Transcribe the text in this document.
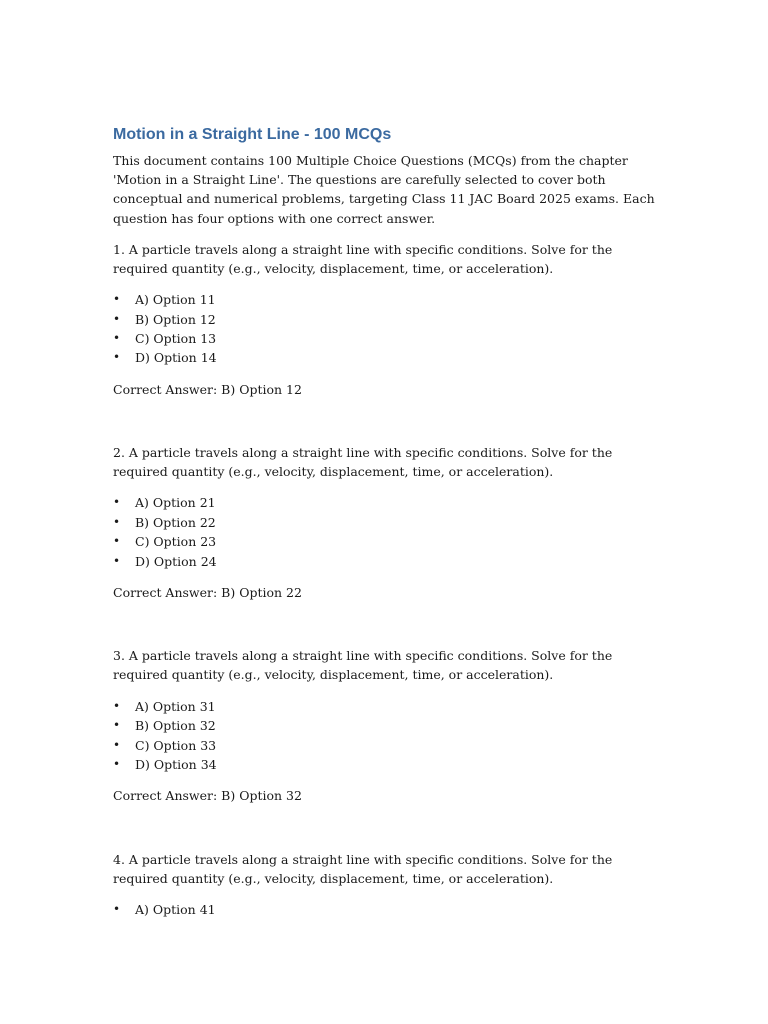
Motion in a Straight Line - 100 MCQs

This document contains 100 Multiple Choice Questions (MCQs) from the chapter 'Motion in a Straight Line'. The questions are carefully selected to cover both conceptual and numerical problems, targeting Class 11 JAC Board 2025 exams. Each question has four options with one correct answer.

1. A particle travels along a straight line with specific conditions. Solve for the required quantity (e.g., velocity, displacement, time, or acceleration).

• A) Option 11
• B) Option 12
• C) Option 13
• D) Option 14

Correct Answer: B) Option 12

2. A particle travels along a straight line with specific conditions. Solve for the required quantity (e.g., velocity, displacement, time, or acceleration).

• A) Option 21
• B) Option 22
• C) Option 23
• D) Option 24

Correct Answer: B) Option 22

3. A particle travels along a straight line with specific conditions. Solve for the required quantity (e.g., velocity, displacement, time, or acceleration).

• A) Option 31
• B) Option 32
• C) Option 33
• D) Option 34

Correct Answer: B) Option 32

4. A particle travels along a straight line with specific conditions. Solve for the required quantity (e.g., velocity, displacement, time, or acceleration).

• A) Option 41
